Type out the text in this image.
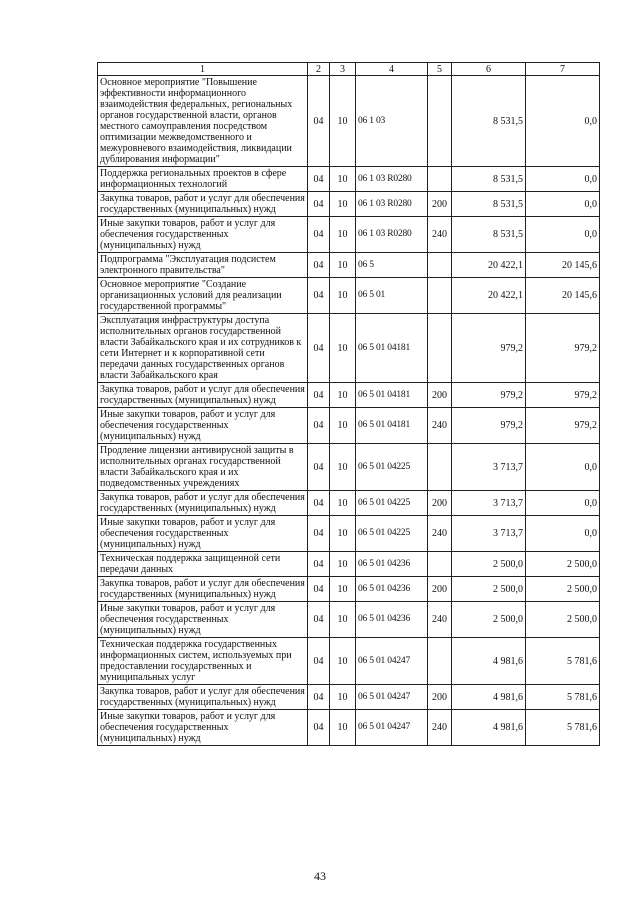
1	2	3	4	5	6	7
Основное мероприятие "Повышение эффективности информационного взаимодействия федеральных, региональных органов государственной власти, органов местного самоуправления посредством оптимизации межведомственного и межуровневого взаимодействия, ликвидации дублирования информации"	04	10	06 1 03		8 531,5	0,0
Поддержка региональных проектов в сфере информационных технологий	04	10	06 1 03 R0280		8 531,5	0,0
Закупка товаров, работ и услуг для обеспечения государственных (муниципальных) нужд	04	10	06 1 03 R0280	200	8 531,5	0,0
Иные закупки товаров, работ и услуг для обеспечения государственных (муниципальных) нужд	04	10	06 1 03 R0280	240	8 531,5	0,0
Подпрограмма "Эксплуатация подсистем электронного правительства"	04	10	06 5		20 422,1	20 145,6
Основное мероприятие "Создание организационных условий для реализации государственной программы"	04	10	06 5 01		20 422,1	20 145,6
Эксплуатация инфраструктуры доступа исполнительных органов государственной власти Забайкальского края и их сотрудников к сети Интернет и к корпоративной сети передачи данных государственных органов власти Забайкальского края	04	10	06 5 01 04181		979,2	979,2
Закупка товаров, работ и услуг для обеспечения государственных (муниципальных) нужд	04	10	06 5 01 04181	200	979,2	979,2
Иные закупки товаров, работ и услуг для обеспечения государственных (муниципальных) нужд	04	10	06 5 01 04181	240	979,2	979,2
Продление лицензии антивирусной защиты в исполнительных органах государственной власти Забайкальского края и их подведомственных учреждениях	04	10	06 5 01 04225		3 713,7	0,0
Закупка товаров, работ и услуг для обеспечения государственных (муниципальных) нужд	04	10	06 5 01 04225	200	3 713,7	0,0
Иные закупки товаров, работ и услуг для обеспечения государственных (муниципальных) нужд	04	10	06 5 01 04225	240	3 713,7	0,0
Техническая поддержка защищенной сети передачи данных	04	10	06 5 01 04236		2 500,0	2 500,0
Закупка товаров, работ и услуг для обеспечения государственных (муниципальных) нужд	04	10	06 5 01 04236	200	2 500,0	2 500,0
Иные закупки товаров, работ и услуг для обеспечения государственных (муниципальных) нужд	04	10	06 5 01 04236	240	2 500,0	2 500,0
Техническая поддержка государственных информационных систем, используемых при предоставлении государственных и муниципальных услуг	04	10	06 5 01 04247		4 981,6	5 781,6
Закупка товаров, работ и услуг для обеспечения государственных (муниципальных) нужд	04	10	06 5 01 04247	200	4 981,6	5 781,6
Иные закупки товаров, работ и услуг для обеспечения государственных (муниципальных) нужд	04	10	06 5 01 04247	240	4 981,6	5 781,6
43
